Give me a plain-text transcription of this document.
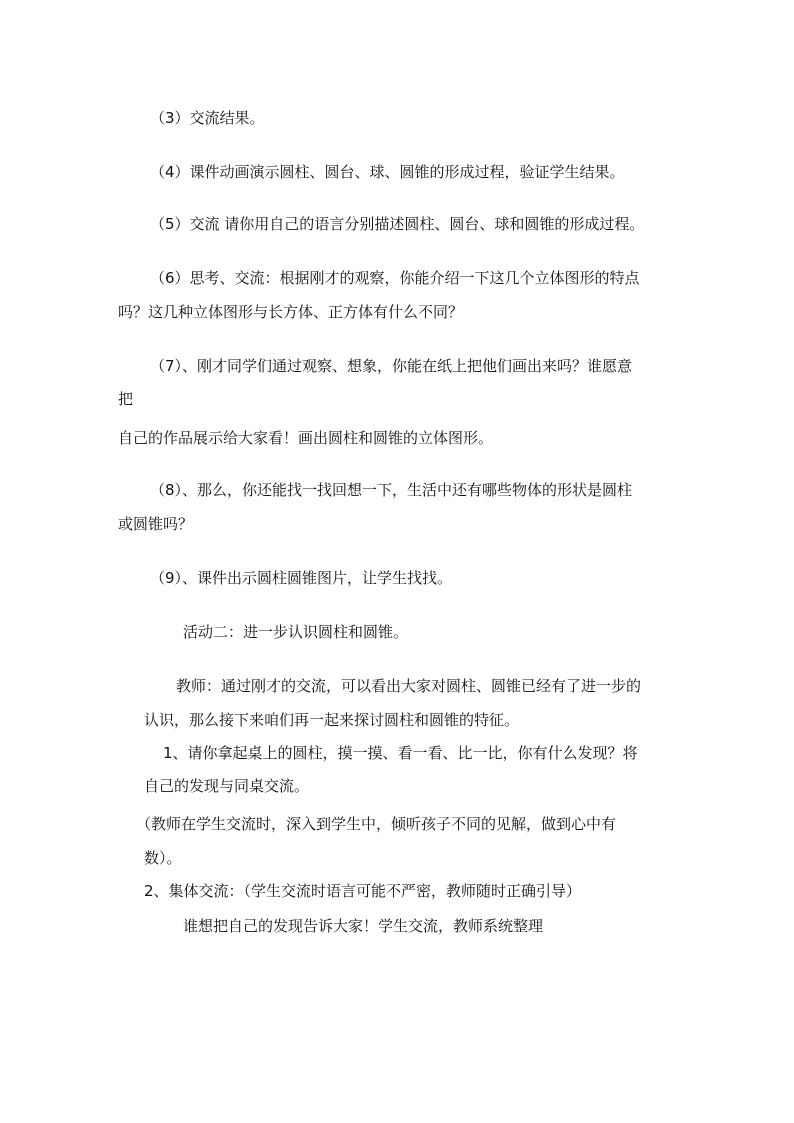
（3）交流结果。

（4）课件动画演示圆柱、圆台、球、圆锥的形成过程，验证学生结果。

（5）交流 请你用自己的语言分别描述圆柱、圆台、球和圆锥的形成过程。

（6）思考、交流：根据刚才的观察，你能介绍一下这几个立体图形的特点

吗？这几种立体图形与长方体、正方体有什么不同？

（7）、刚才同学们通过观察、想象，你能在纸上把他们画出来吗？谁愿意

把

自己的作品展示给大家看！画出圆柱和圆锥的立体图形。

（8）、那么，你还能找一找回想一下，生活中还有哪些物体的形状是圆柱

或圆锥吗？

（9）、课件出示圆柱圆锥图片，让学生找找。

活动二：进一步认识圆柱和圆锥。

教师：通过刚才的交流，可以看出大家对圆柱、圆锥已经有了进一步的

认识，那么接下来咱们再一起来探讨圆柱和圆锥的特征。

1、请你拿起桌上的圆柱，摸一摸、看一看、比一比，你有什么发现？将

自己的发现与同桌交流。

（教师在学生交流时，深入到学生中，倾听孩子不同的见解，做到心中有

数）。

2、集体交流：（学生交流时语言可能不严密，教师随时正确引导）

谁想把自己的发现告诉大家！学生交流，教师系统整理
